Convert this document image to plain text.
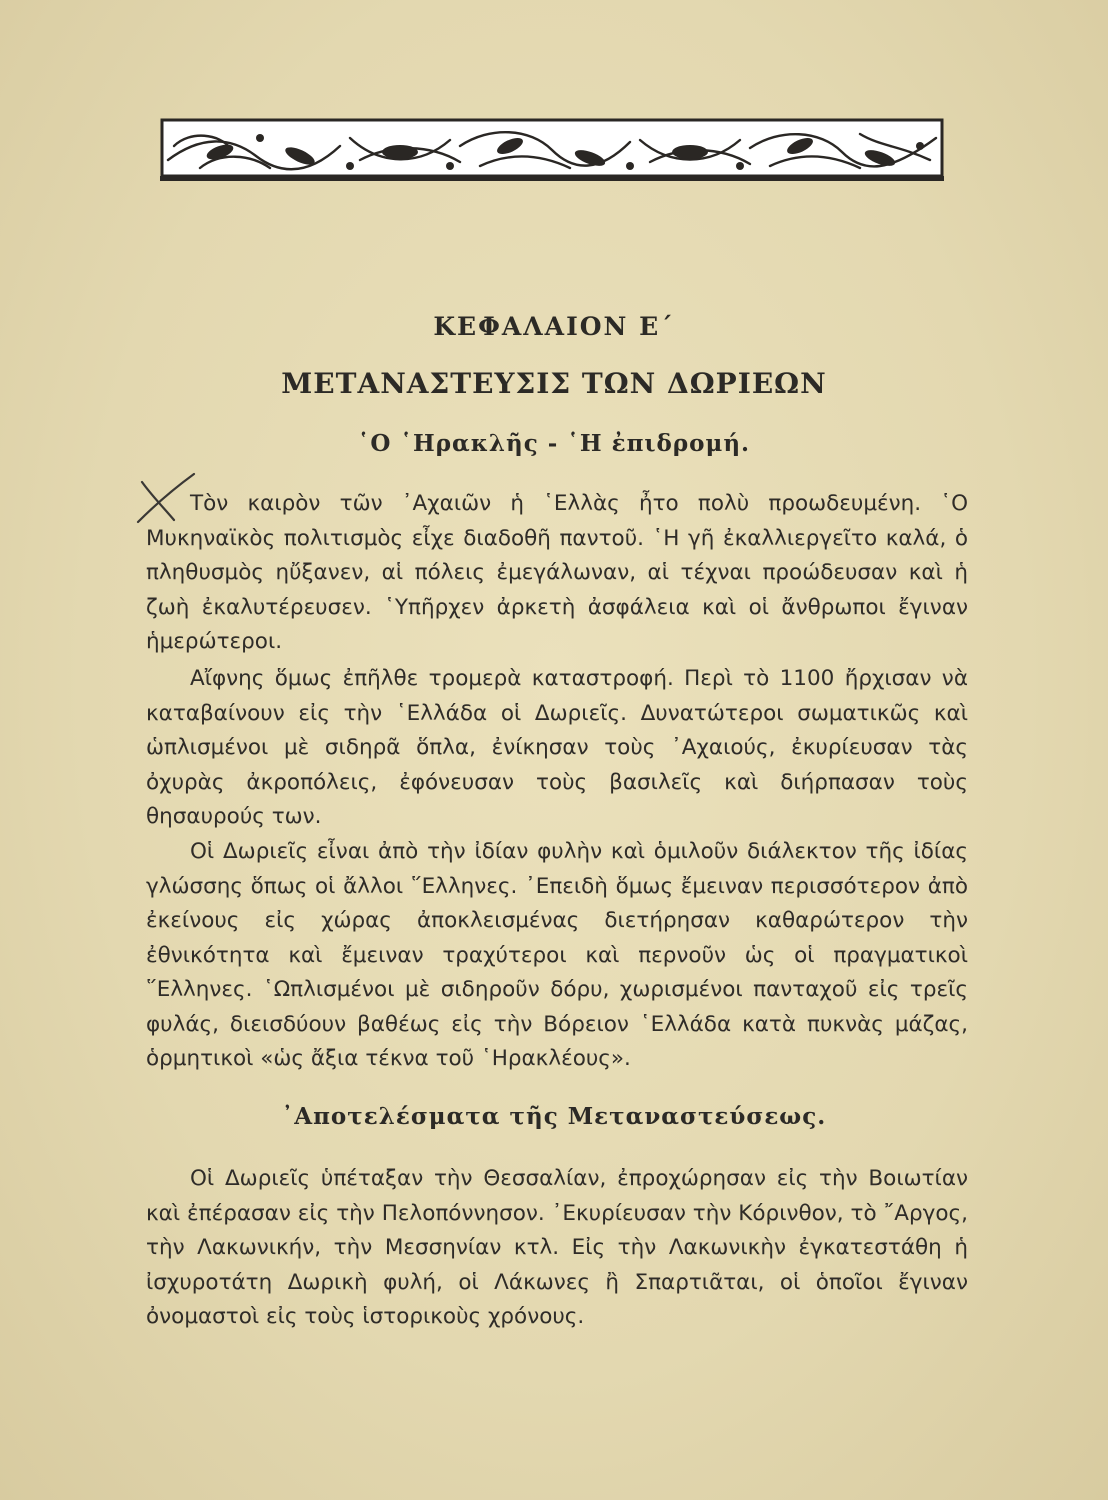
ΚΕΦΑΛΑΙΟΝ Ε΄
ΜΕΤΑΝΑΣΤΕΥΣΙΣ ΤΩΝ ΔΩΡΙΕΩΝ
῾Ο ῾Ηρακλῆς - ῾Η ἐπιδρομή.

Τὸν καιρὸν τῶν ᾿Αχαιῶν ἡ ῾Ελλὰς ἦτο πολὺ προωδευμένη. ῾Ο Μυκηναϊκὸς πολιτισμὸς εἶχε διαδοθῆ παντοῦ. ῾Η γῆ ἐκαλλιεργεῖτο καλά, ὁ πληθυσμὸς ηὔξανεν, αἱ πόλεις ἐμεγάλωναν, αἱ τέχναι προώδευσαν καὶ ἡ ζωὴ ἐκαλυτέρευσεν. ῾Υπῆρχεν ἀρκετὴ ἀσφάλεια καὶ οἱ ἄνθρωποι ἔγιναν ἡμερώτεροι.

Αἴφνης ὅμως ἐπῆλθε τρομερὰ καταστροφή. Περὶ τὸ 1100 ἤρχισαν νὰ καταβαίνουν εἰς τὴν ῾Ελλάδα οἱ Δωριεῖς. Δυνατώτεροι σωματικῶς καὶ ὡπλισμένοι μὲ σιδηρᾶ ὅπλα, ἐνίκησαν τοὺς ᾿Αχαιούς, ἐκυρίευσαν τὰς ὀχυρὰς ἀκροπόλεις, ἐφόνευσαν τοὺς βασιλεῖς καὶ διήρπασαν τοὺς θησαυρούς των.

Οἱ Δωριεῖς εἶναι ἀπὸ τὴν ἰδίαν φυλὴν καὶ ὁμιλοῦν διάλεκτον τῆς ἰδίας γλώσσης ὅπως οἱ ἄλλοι ῞Ελληνες. ᾿Επειδὴ ὅμως ἔμειναν περισσότερον ἀπὸ ἐκείνους εἰς χώρας ἀποκλεισμένας διετήρησαν καθαρώτερον τὴν ἐθνικότητα καὶ ἔμειναν τραχύτεροι καὶ περνοῦν ὡς οἱ πραγματικοὶ ῞Ελληνες. ῾Ωπλισμένοι μὲ σιδηροῦν δόρυ, χωρισμένοι πανταχοῦ εἰς τρεῖς φυλάς, διεισδύουν βαθέως εἰς τὴν Βόρειον ῾Ελλάδα κατὰ πυκνὰς μάζας, ὁρμητικοὶ «ὡς ἄξια τέκνα τοῦ ῾Ηρακλέους».

᾿Αποτελέσματα τῆς Μεταναστεύσεως.

Οἱ Δωριεῖς ὑπέταξαν τὴν Θεσσαλίαν, ἐπροχώρησαν εἰς τὴν Βοιωτίαν καὶ ἐπέρασαν εἰς τὴν Πελοπόννησον. ᾿Εκυρίευσαν τὴν Κόρινθον, τὸ ῎Αργος, τὴν Λακωνικήν, τὴν Μεσσηνίαν κτλ. Εἰς τὴν Λακωνικὴν ἐγκατεστάθη ἡ ἰσχυροτάτη Δωρικὴ φυλή, οἱ Λάκωνες ἢ Σπαρτιᾶται, οἱ ὁποῖοι ἔγιναν ὀνομαστοὶ εἰς τοὺς ἱστορικοὺς χρόνους.
